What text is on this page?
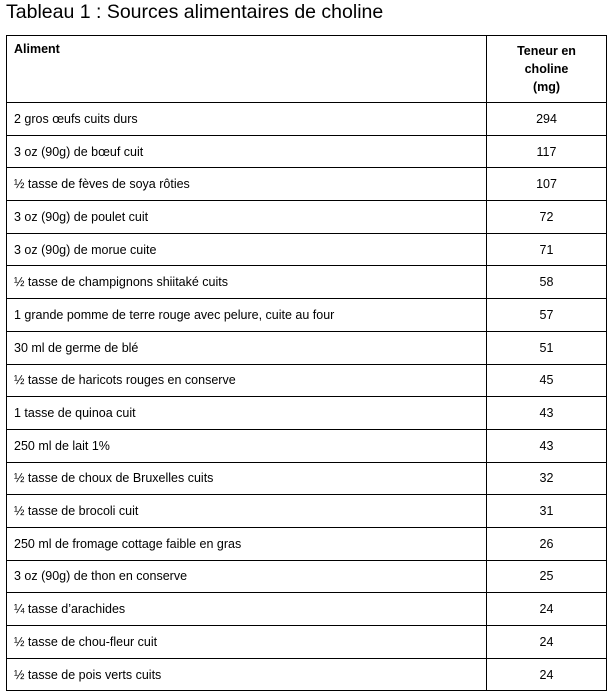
Tableau 1 : Sources alimentaires de choline
Aliment	Teneur en
choline
(mg)
2 gros œufs cuits durs	294
3 oz (90g) de bœuf cuit	117
½ tasse de fèves de soya rôties	107
3 oz (90g) de poulet cuit	72
3 oz (90g) de morue cuite	71
½ tasse de champignons shiitaké cuits	58
1 grande pomme de terre rouge avec pelure, cuite au four	57
30 ml de germe de blé	51
½ tasse de haricots rouges en conserve	45
1 tasse de quinoa cuit	43
250 ml de lait 1%	43
½ tasse de choux de Bruxelles cuits	32
½ tasse de brocoli cuit	31
250 ml de fromage cottage faible en gras	26
3 oz (90g) de thon en conserve	25
¼ tasse d’arachides	24
½ tasse de chou-fleur cuit	24
½ tasse de pois verts cuits	24
